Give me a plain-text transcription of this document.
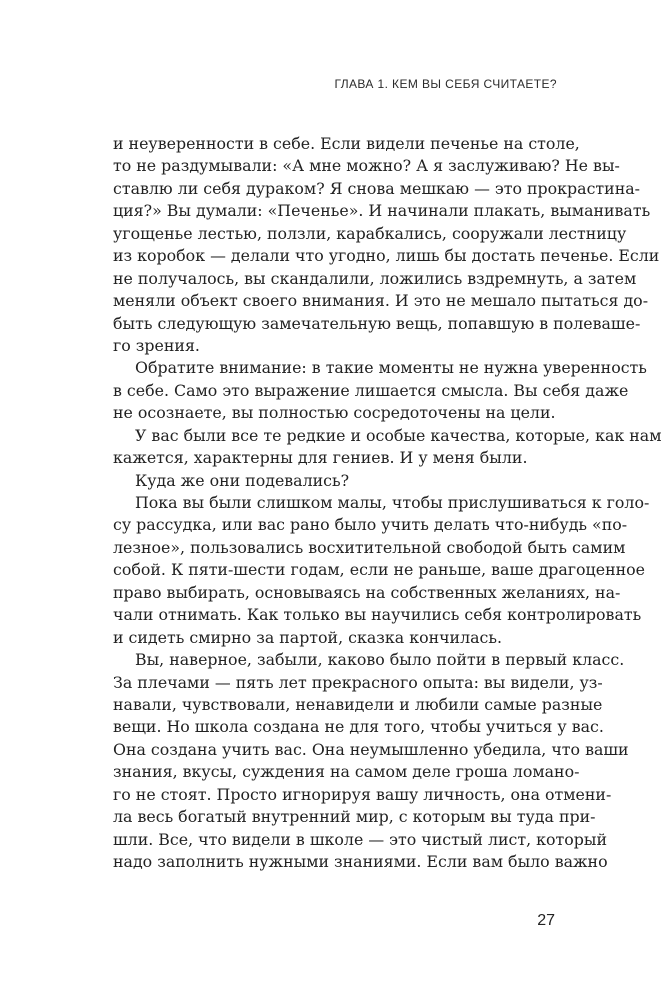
ГЛАВА 1. КЕМ ВЫ СЕБЯ СЧИТАЕТЕ?
и неуверенности в себе. Если видели печенье на столе,
то не раздумывали: «А мне можно? А я заслуживаю? Не вы-
ставлю ли себя дураком? Я снова мешкаю — это прокрастина-
ция?» Вы думали: «Печенье». И начинали плакать, выманивать
угощенье лестью, ползли, карабкались, сооружали лестницу
из коробок — делали что угодно, лишь бы достать печенье. Если
не получалось, вы скандалили, ложились вздремнуть, а затем
меняли объект своего внимания. И это не мешало пытаться до-
быть следующую замечательную вещь, попавшую в полеваше-
го зрения.
Обратите внимание: в такие моменты не нужна уверенность
в себе. Само это выражение лишается смысла. Вы себя даже
не осознаете, вы полностью сосредоточены на цели.
У вас были все те редкие и особые качества, которые, как нам
кажется, характерны для гениев. И у меня были.
Куда же они подевались?
Пока вы были слишком малы, чтобы прислушиваться к голо-
су рассудка, или вас рано было учить делать что-нибудь «по-
лезное», пользовались восхитительной свободой быть самим
собой. К пяти-шести годам, если не раньше, ваше драгоценное
право выбирать, основываясь на собственных желаниях, на-
чали отнимать. Как только вы научились себя контролировать
и сидеть смирно за партой, сказка кончилась.
Вы, наверное, забыли, каково было пойти в первый класс.
За плечами — пять лет прекрасного опыта: вы видели, уз-
навали, чувствовали, ненавидели и любили самые разные
вещи. Но школа создана не для того, чтобы учиться у вас.
Она создана учить вас. Она неумышленно убедила, что ваши
знания, вкусы, суждения на самом деле гроша ломано-
го не стоят. Просто игнорируя вашу личность, она отмени-
ла весь богатый внутренний мир, с которым вы туда при-
шли. Все, что видели в школе — это чистый лист, который
надо заполнить нужными знаниями. Если вам было важно
27
